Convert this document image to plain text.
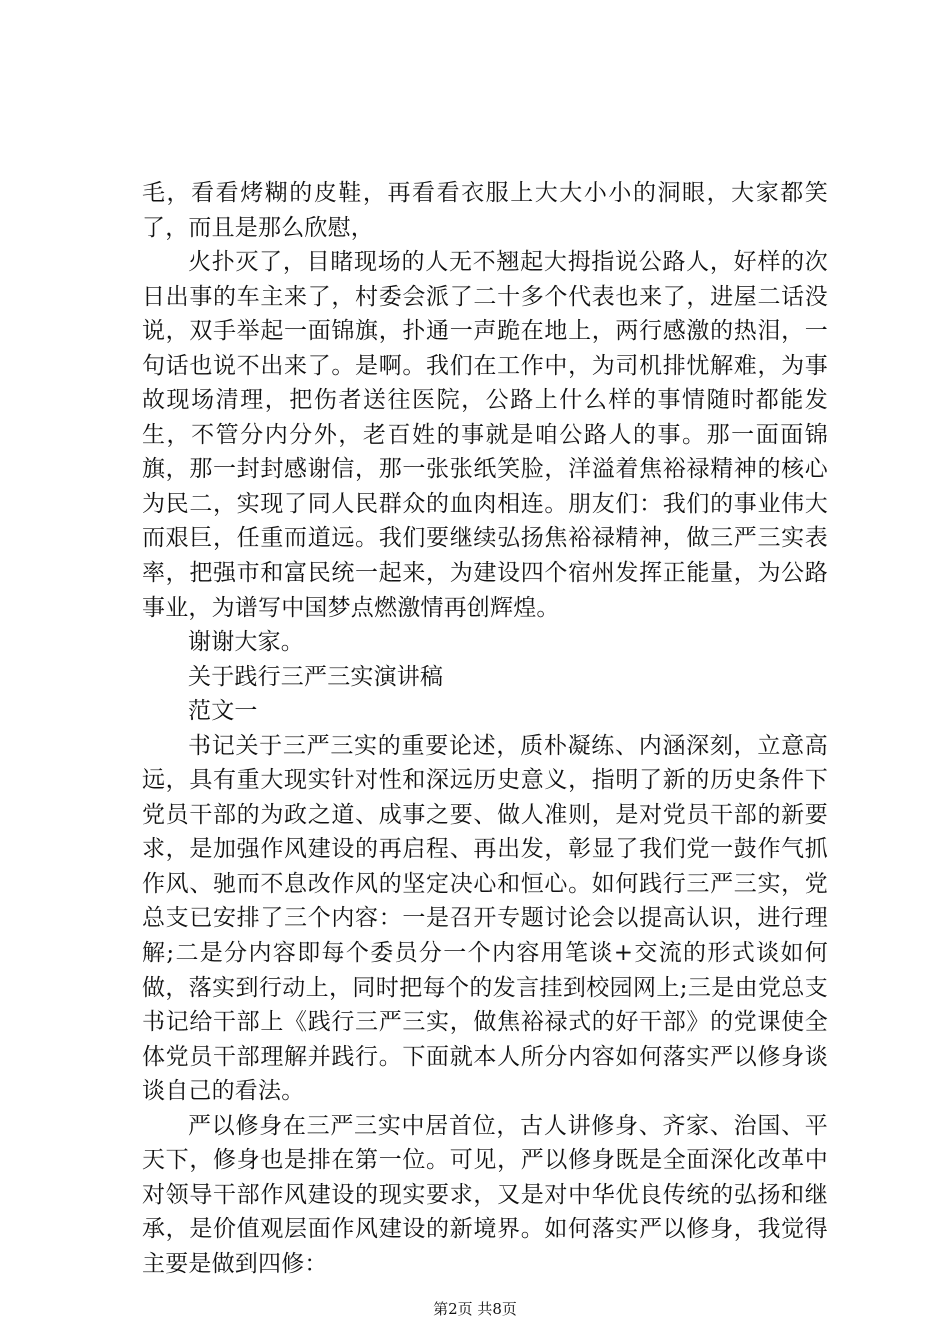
毛，看看烤糊的皮鞋，再看看衣服上大大小小的洞眼，大家都笑了，而且是那么欣慰，

火扑灭了，目睹现场的人无不翘起大拇指说公路人，好样的次日出事的车主来了，村委会派了二十多个代表也来了，进屋二话没说，双手举起一面锦旗，扑通一声跪在地上，两行感激的热泪，一句话也说不出来了。是啊。我们在工作中，为司机排忧解难，为事故现场清理，把伤者送往医院，公路上什么样的事情随时都能发生，不管分内分外，老百姓的事就是咱公路人的事。那一面面锦旗，那一封封感谢信，那一张张纸笑脸，洋溢着焦裕禄精神的核心为民二，实现了同人民群众的血肉相连。朋友们：我们的事业伟大而艰巨，任重而道远。我们要继续弘扬焦裕禄精神，做三严三实表率，把强市和富民统一起来，为建设四个宿州发挥正能量，为公路事业，为谱写中国梦点燃激情再创辉煌。

谢谢大家。

关于践行三严三实演讲稿

范文一

书记关于三严三实的重要论述，质朴凝练、内涵深刻，立意高远，具有重大现实针对性和深远历史意义，指明了新的历史条件下党员干部的为政之道、成事之要、做人准则，是对党员干部的新要求，是加强作风建设的再启程、再出发，彰显了我们党一鼓作气抓作风、驰而不息改作风的坚定决心和恒心。如何践行三严三实，党总支已安排了三个内容：一是召开专题讨论会以提高认识，进行理解;二是分内容即每个委员分一个内容用笔谈+交流的形式谈如何做，落实到行动上，同时把每个的发言挂到校园网上;三是由党总支书记给干部上《践行三严三实，做焦裕禄式的好干部》的党课使全体党员干部理解并践行。下面就本人所分内容如何落实严以修身谈谈自己的看法。

严以修身在三严三实中居首位，古人讲修身、齐家、治国、平天下，修身也是排在第一位。可见，严以修身既是全面深化改革中对领导干部作风建设的现实要求，又是对中华优良传统的弘扬和继承，是价值观层面作风建设的新境界。如何落实严以修身，我觉得主要是做到四修：

第2页 共8页
